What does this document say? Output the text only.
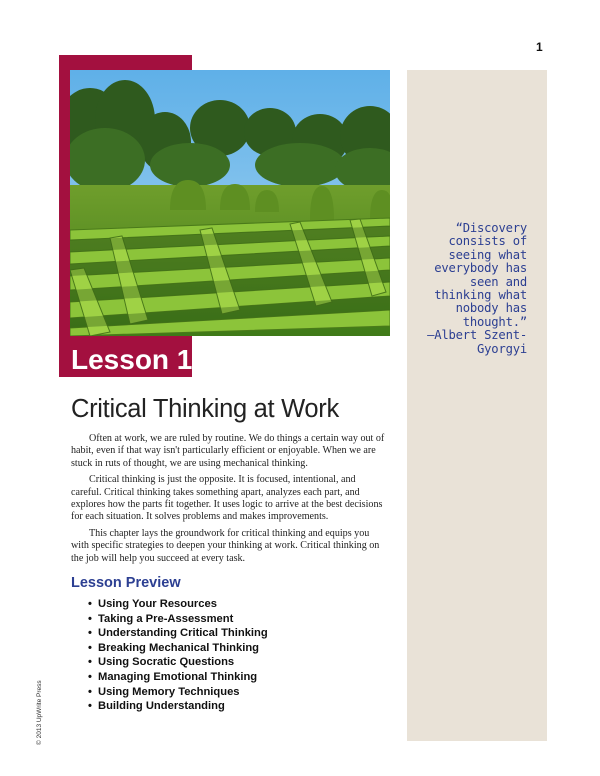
1
“Discovery consists of seeing what everybody has seen and thinking what nobody has thought.”
—Albert Szent-Gyorgyi
Lesson 1
Critical Thinking at Work

Often at work, we are ruled by routine. We do things a certain way out of habit, even if that way isn't particularly efficient or enjoyable. When we are stuck in ruts of thought, we are using mechanical thinking.

Critical thinking is just the opposite. It is focused, intentional, and careful. Critical thinking takes something apart, analyzes each part, and explores how the parts fit together. It uses logic to arrive at the best decisions for each situation. It solves problems and makes improvements.

This chapter lays the groundwork for critical thinking and equips you with specific strategies to deepen your thinking at work. Critical thinking on the job will help you succeed at every task.

Lesson Preview
• Using Your Resources
• Taking a Pre-Assessment
• Understanding Critical Thinking
• Breaking Mechanical Thinking
• Using Socratic Questions
• Managing Emotional Thinking
• Using Memory Techniques
• Building Understanding
© 2013 UpWrite Press
